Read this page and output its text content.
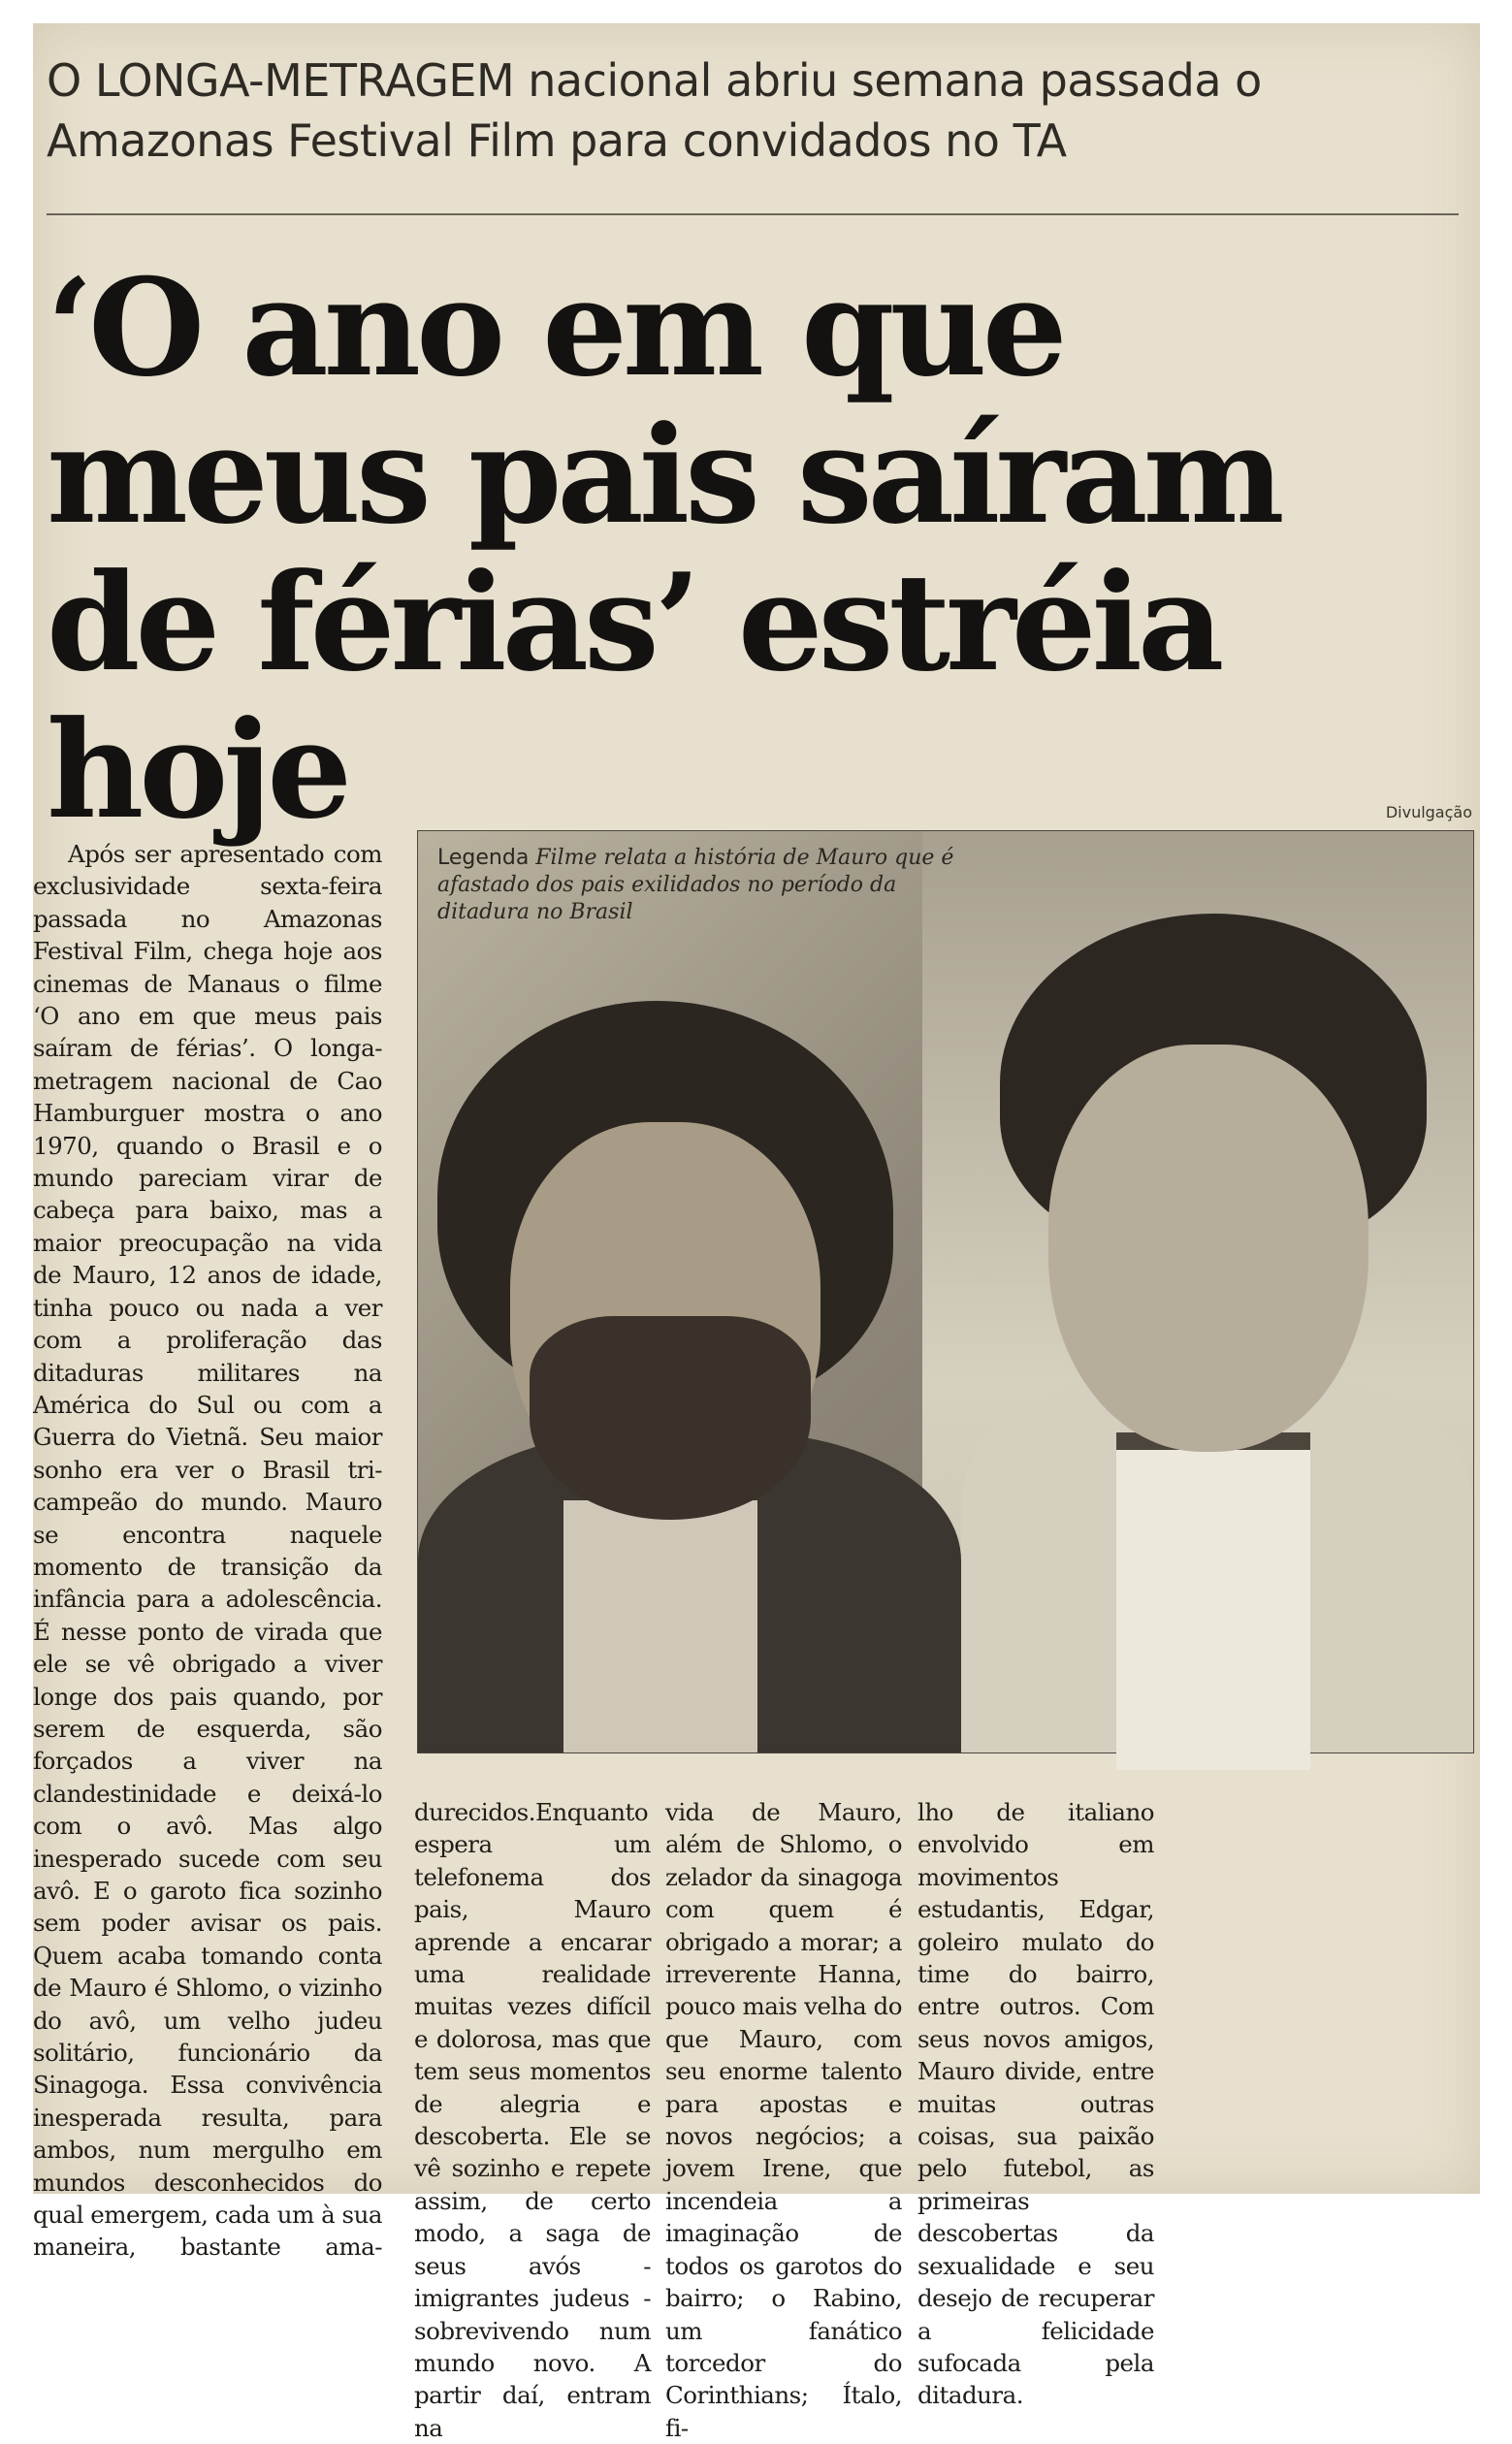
O LONGA-METRAGEM nacional abriu semana passada o Amazonas Festival Film para convidados no TA
‘O ano em que meus pais saíram de férias’ estréia hoje	Divulgação
Legenda Filme relata a história de Mauro que é afastado dos pais exilidados no período da ditadura no Brasil

Após ser apresentado com exclusividade sexta-feira passada no Amazonas Festival Film, chega hoje aos cinemas de Manaus o filme ‘O ano em que meus pais saíram de férias’. O longa-metragem nacional de Cao Hamburguer mostra o ano 1970, quando o Brasil e o mundo pareciam virar de cabeça para baixo, mas a maior preocupação na vida de Mauro, 12 anos de idade, tinha pouco ou nada a ver com a proliferação das ditaduras militares na América do Sul ou com a Guerra do Vietnã. Seu maior sonho era ver o Brasil tri-campeão do mundo. Mauro se encontra naquele momento de transição da infância para a adolescência. É nesse ponto de virada que ele se vê obrigado a viver longe dos pais quando, por serem de esquerda, são forçados a viver na clandestinidade e deixá-lo com o avô. Mas algo inesperado sucede com seu avô. E o garoto fica sozinho sem poder avisar os pais. Quem acaba tomando conta de Mauro é Shlomo, o vizinho do avô, um velho judeu solitário, funcionário da Sinagoga. Essa convivência inesperada resulta, para ambos, num mergulho em mundos desconhecidos do qual emergem, cada um à sua maneira, bastante ama-

durecidos.Enquanto espera um telefonema dos pais, Mauro aprende a encarar uma realidade muitas vezes difícil e dolorosa, mas que tem seus momentos de alegria e descoberta. Ele se vê sozinho e repete assim, de certo modo, a saga de seus avós - imigrantes judeus - sobrevivendo num mundo novo. A partir daí, entram na

vida de Mauro, além de Shlomo, o zelador da sinagoga com quem é obrigado a morar; a irreverente Hanna, pouco mais velha do que Mauro, com seu enorme talento para apostas e novos negócios; a jovem Irene, que incendeia a imaginação de todos os garotos do bairro; o Rabino, um fanático torcedor do Corinthians; Ítalo, fi-

lho de italiano envolvido em movimentos estudantis, Edgar, goleiro mulato do time do bairro, entre outros. Com seus novos amigos, Mauro divide, entre muitas outras coisas, sua paixão pelo futebol, as primeiras descobertas da sexualidade e seu desejo de recuperar a felicidade sufocada pela ditadura.
